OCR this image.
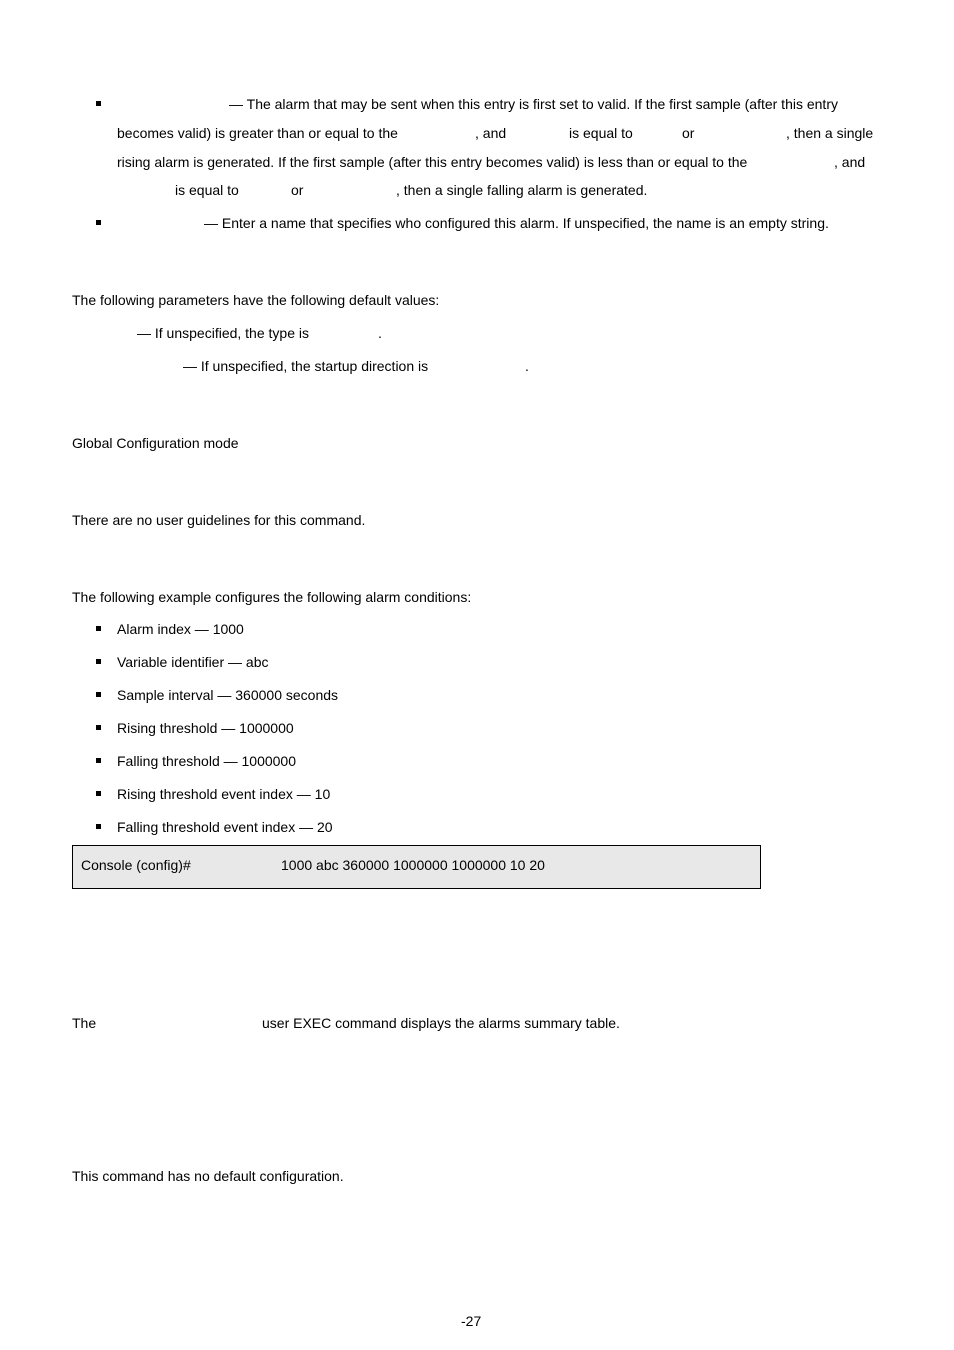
— The alarm that may be sent when this entry is first set to valid. If the first sample (after this entry
becomes valid) is greater than or equal to the	, and	is equal to	or	, then a single
rising alarm is generated. If the first sample (after this entry becomes valid) is less than or equal to the	, and
is equal to	or	, then a single falling alarm is generated.
— Enter a name that specifies who configured this alarm. If unspecified, the name is an empty string.
The following parameters have the following default values:
— If unspecified, the type is	.
— If unspecified, the startup direction is	.
Global Configuration mode
There are no user guidelines for this command.
The following example configures the following alarm conditions:
Alarm index — 1000
Variable identifier — abc
Sample interval — 360000 seconds
Rising threshold — 1000000
Falling threshold — 1000000
Rising threshold event index — 10
Falling threshold event index — 20
Console (config)#	1000 abc 360000 1000000 1000000 10 20
The	user EXEC command displays the alarms summary table.
This command has no default configuration.
-27
